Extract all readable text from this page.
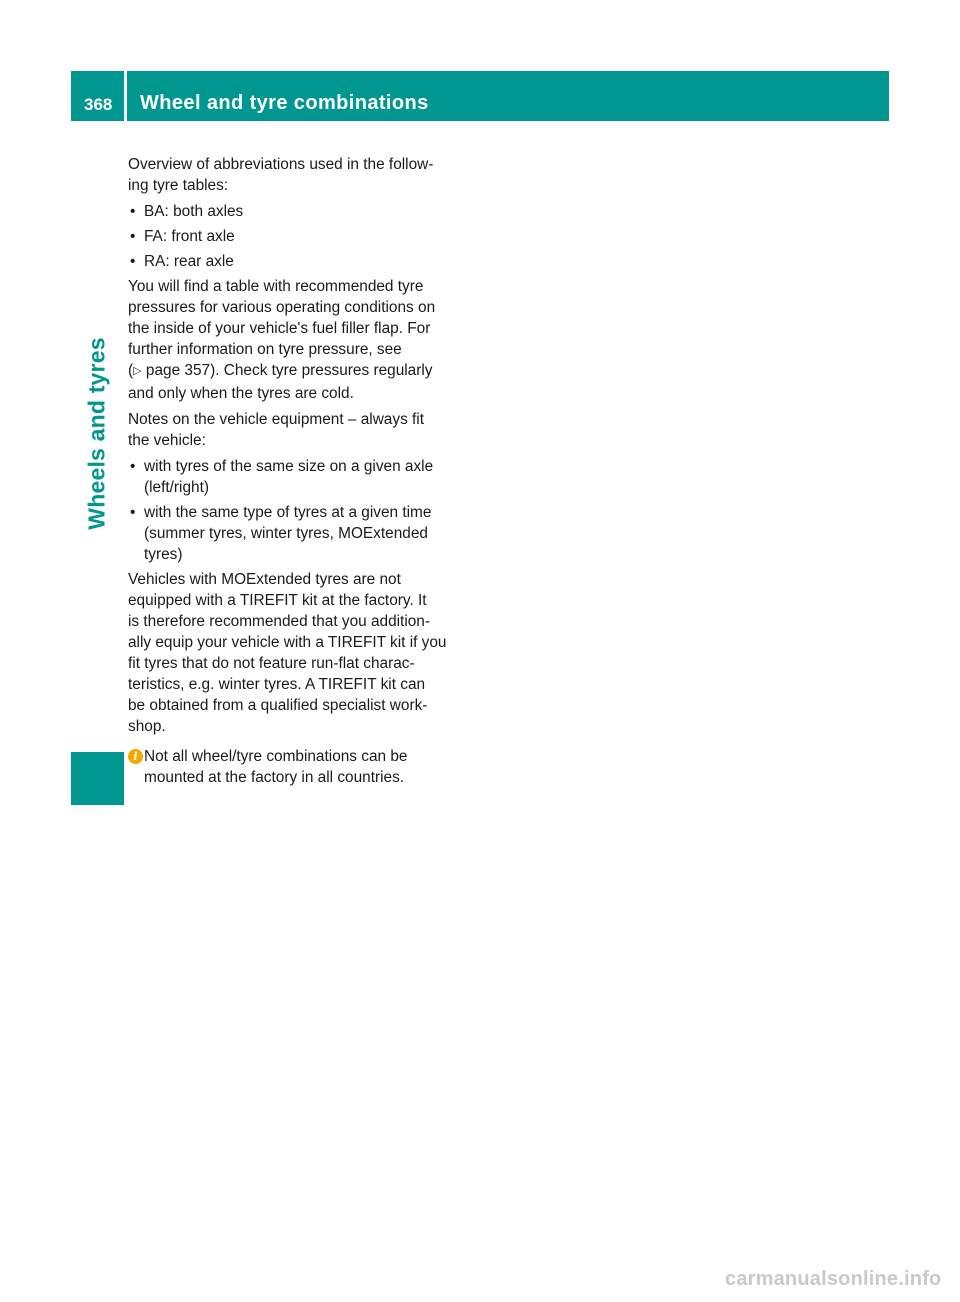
368 Wheel and tyre combinations
Wheels and tyres

Overview of abbreviations used in the follow-
ing tyre tables:

• BA: both axles
• FA: front axle
• RA: rear axle

You will find a table with recommended tyre
pressures for various operating conditions on
the inside of your vehicle's fuel filler flap. For
further information on tyre pressure, see
(▷ page 357). Check tyre pressures regularly
and only when the tyres are cold.

Notes on the vehicle equipment – always fit
the vehicle:

• with tyres of the same size on a given axle
(left/right)
• with the same type of tyres at a given time
(summer tyres, winter tyres, MOExtended
tyres)

Vehicles with MOExtended tyres are not
equipped with a TIREFIT kit at the factory. It
is therefore recommended that you addition-
ally equip your vehicle with a TIREFIT kit if you
fit tyres that do not feature run-flat charac-
teristics, e.g. winter tyres. A TIREFIT kit can
be obtained from a qualified specialist work-
shop.

i Not all wheel/tyre combinations can be
mounted at the factory in all countries.
carmanualsonline.info
